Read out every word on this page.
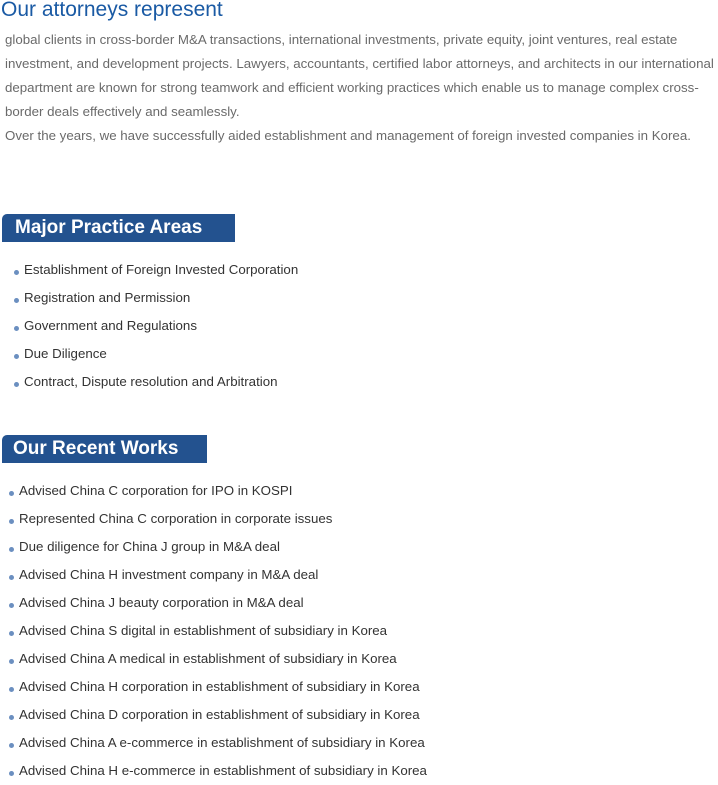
Our attorneys represent

global clients in cross-border M&A transactions, international investments, private equity, joint ventures, real estate investment, and development projects. Lawyers, accountants, certified labor attorneys, and architects in our international department are known for strong teamwork and efficient working practices which enable us to manage complex cross-border deals effectively and seamlessly.

Over the years, we have successfully aided establishment and management of foreign invested companies in Korea.

Major Practice Areas
Establishment of Foreign Invested Corporation
Registration and Permission
Government and Regulations
Due Diligence
Contract, Dispute resolution and Arbitration
Our Recent Works
Advised China C corporation for IPO in KOSPI
Represented China C corporation in corporate issues
Due diligence for China J group in M&A deal
Advised China H investment company in M&A deal
Advised China J beauty corporation in M&A deal
Advised China S digital in establishment of subsidiary in Korea
Advised China A medical in establishment of subsidiary in Korea
Advised China H corporation in establishment of subsidiary in Korea
Advised China D corporation in establishment of subsidiary in Korea
Advised China A e-commerce in establishment of subsidiary in Korea
Advised China H e-commerce in establishment of subsidiary in Korea
